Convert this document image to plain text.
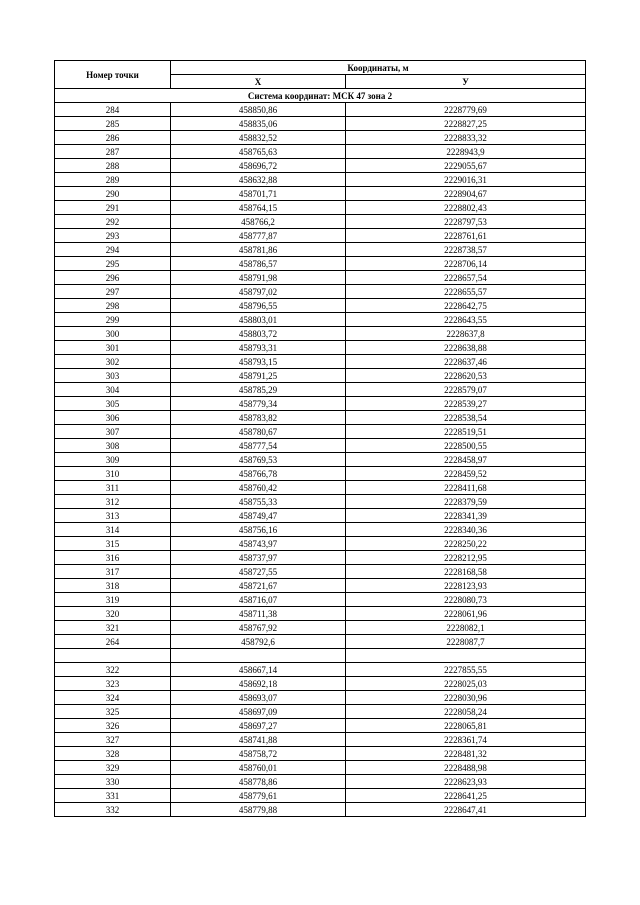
Номер точки	Координаты, м	
	X	У
Система координат: МСК 47 зона 2		
284	458850,86	2228779,69
285	458835,06	2228827,25
286	458832,52	2228833,32
287	458765,63	2228943,9
288	458696,72	2229055,67
289	458632,88	2229016,31
290	458701,71	2228904,67
291	458764,15	2228802,43
292	458766,2	2228797,53
293	458777,87	2228761,61
294	458781,86	2228738,57
295	458786,57	2228706,14
296	458791,98	2228657,54
297	458797,02	2228655,57
298	458796,55	2228642,75
299	458803,01	2228643,55
300	458803,72	2228637,8
301	458793,31	2228638,88
302	458793,15	2228637,46
303	458791,25	2228620,53
304	458785,29	2228579,07
305	458779,34	2228539,27
306	458783,82	2228538,54
307	458780,67	2228519,51
308	458777,54	2228500,55
309	458769,53	2228458,97
310	458766,78	2228459,52
311	458760,42	2228411,68
312	458755,33	2228379,59
313	458749,47	2228341,39
314	458756,16	2228340,36
315	458743,97	2228250,22
316	458737,97	2228212,95
317	458727,55	2228168,58
318	458721,67	2228123,93
319	458716,07	2228080,73
320	458711,38	2228061,96
321	458767,92	2228082,1
264	458792,6	2228087,7

322	458667,14	2227855,55
323	458692,18	2228025,03
324	458693,07	2228030,96
325	458697,09	2228058,24
326	458697,27	2228065,81
327	458741,88	2228361,74
328	458758,72	2228481,32
329	458760,01	2228488,98
330	458778,86	2228623,93
331	458779,61	2228641,25
332	458779,88	2228647,41
